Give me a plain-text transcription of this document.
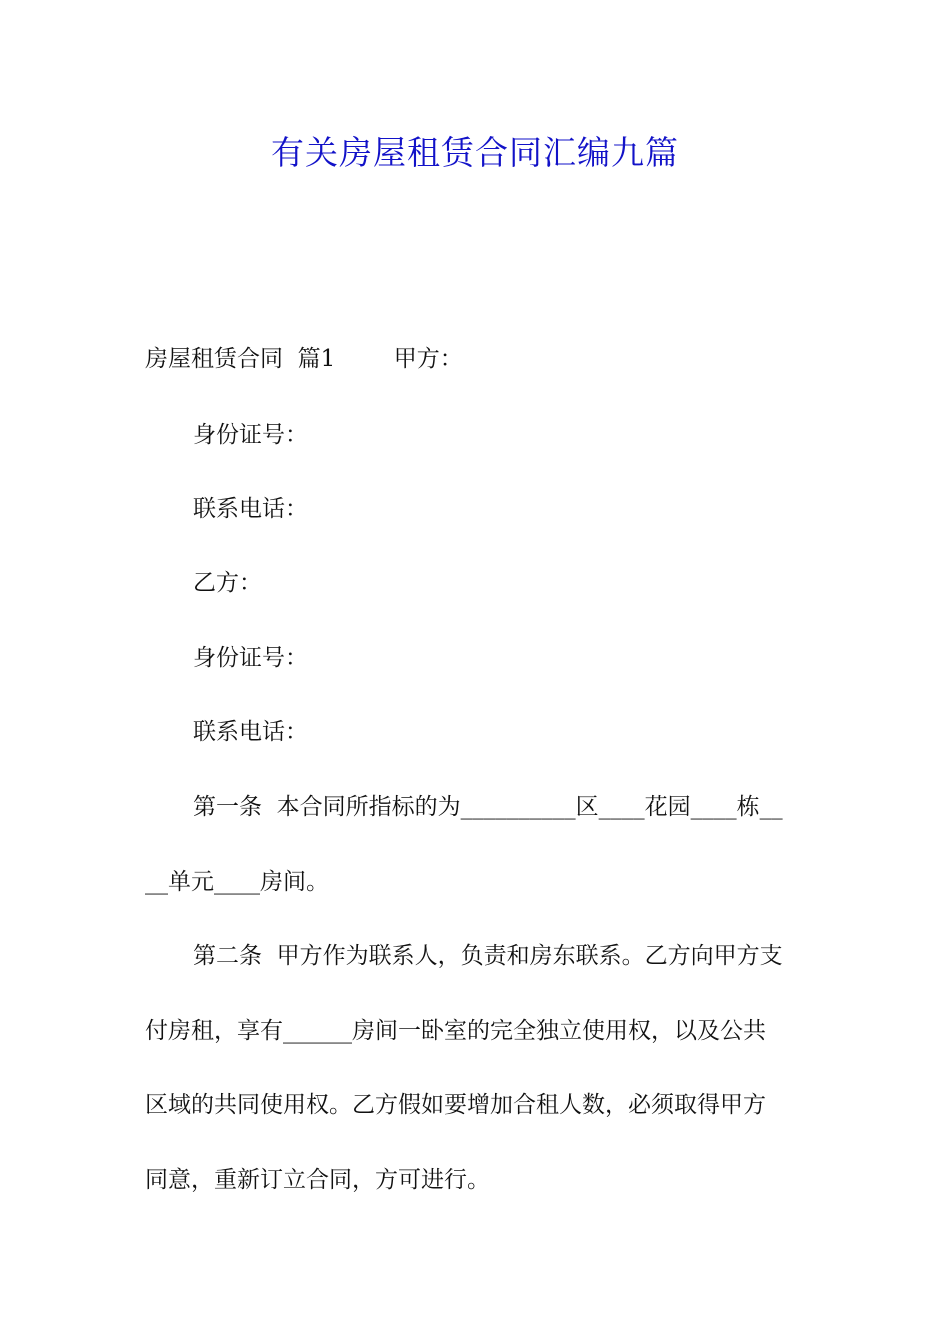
有关房屋租赁合同汇编九篇

房屋租赁合同  篇1        甲方：

身份证号：

联系电话：

乙方：

身份证号：

联系电话：

第一条  本合同所指标的为__________区____花园____栋__

__单元____房间。

第二条  甲方作为联系人，负责和房东联系。乙方向甲方支

付房租，享有______房间一卧室的完全独立使用权，以及公共

区域的共同使用权。乙方假如要增加合租人数，必须取得甲方

同意，重新订立合同，方可进行。
